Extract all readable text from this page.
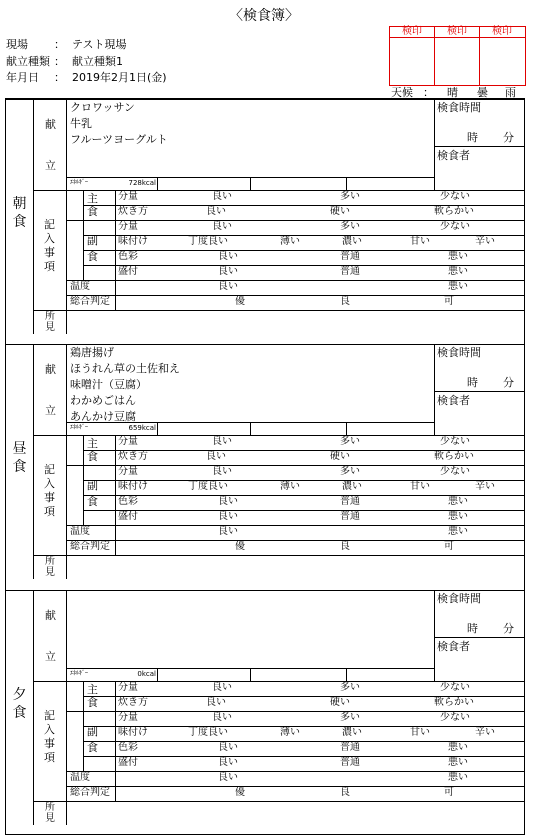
〈検食簿〉
現場 ： テスト現場
献立種類 ： 献立種類1
年月日 ： 2019年2月1日(金)
検印	検印	検印
天候 ： 晴 曇 雨
朝食
献
立
クロワッサン
牛乳
フルーツヨーグルト
ｴﾈﾙｷﾞｰ	728kcal
検食時間
時 分
検食者
記入事項
主食
副食
分量	良い	多い	少ない
炊き方	良い	硬い	軟らかい
分量	良い	多い	少ない
味付け	丁度良い	薄い	濃い	甘い	辛い
色彩	良い	普通	悪い
盛付	良い	普通	悪い
温度	良い	悪い
総合判定	優	良	可
所
見
昼食
献
立
鶏唐揚げ
ほうれん草の土佐和え
味噌汁（豆腐）
わかめごはん
あんかけ豆腐
ｴﾈﾙｷﾞｰ	659kcal
検食時間
時 分
検食者
記入事項
主食
副食
分量	良い	多い	少ない
炊き方	良い	硬い	軟らかい
分量	良い	多い	少ない
味付け	丁度良い	薄い	濃い	甘い	辛い
色彩	良い	普通	悪い
盛付	良い	普通	悪い
温度	良い	悪い
総合判定	優	良	可
所
見
夕食
献
立
ｴﾈﾙｷﾞｰ	0kcal
検食時間
時 分
検食者
記入事項
主食
副食
分量	良い	多い	少ない
炊き方	良い	硬い	軟らかい
分量	良い	多い	少ない
味付け	丁度良い	薄い	濃い	甘い	辛い
色彩	良い	普通	悪い
盛付	良い	普通	悪い
温度	良い	悪い
総合判定	優	良	可
所
見
